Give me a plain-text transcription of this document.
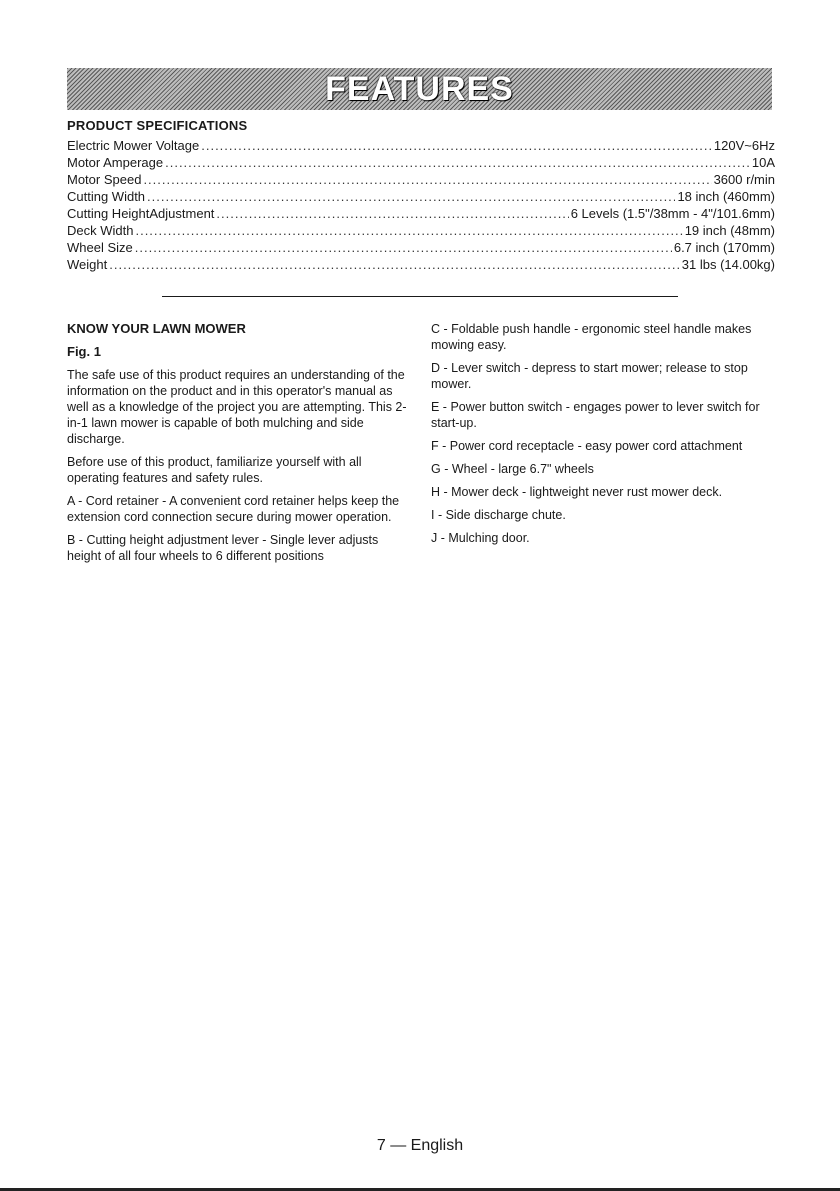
FEATURES
PRODUCT SPECIFICATIONS
Electric Mower Voltage .....	120V~6Hz
Motor Amperage .....	10A
Motor Speed .....	3600 r/min
Cutting Width .....	18 inch (460mm)
Cutting HeightAdjustment .....	6 Levels (1.5"/38mm - 4"/101.6mm)
Deck Width .....	19 inch (48mm)
Wheel Size .....	6.7 inch (170mm)
Weight .....	31 lbs (14.00kg)

KNOW YOUR LAWN MOWER

Fig. 1

The safe use of this product requires an understanding of the information on the product and in this operator's manual as well as a knowledge of the project you are attempting. This 2-in-1 lawn mower is capable of both mulching and side discharge.

Before use of this product, familiarize yourself with all operating features and safety rules.

A - Cord retainer - A convenient cord retainer helps keep the extension cord connection secure during mower operation.

B - Cutting height adjustment lever - Single lever adjusts height of all four wheels to 6 different positions

C - Foldable push handle - ergonomic steel handle makes mowing easy.

D - Lever switch - depress to start mower; release to stop mower.

E - Power button switch - engages power to lever switch for start-up.

F - Power cord receptacle - easy power cord attachment

G - Wheel - large 6.7" wheels

H - Mower deck - lightweight never rust mower deck.

I - Side discharge chute.

J - Mulching door.

7 — English
